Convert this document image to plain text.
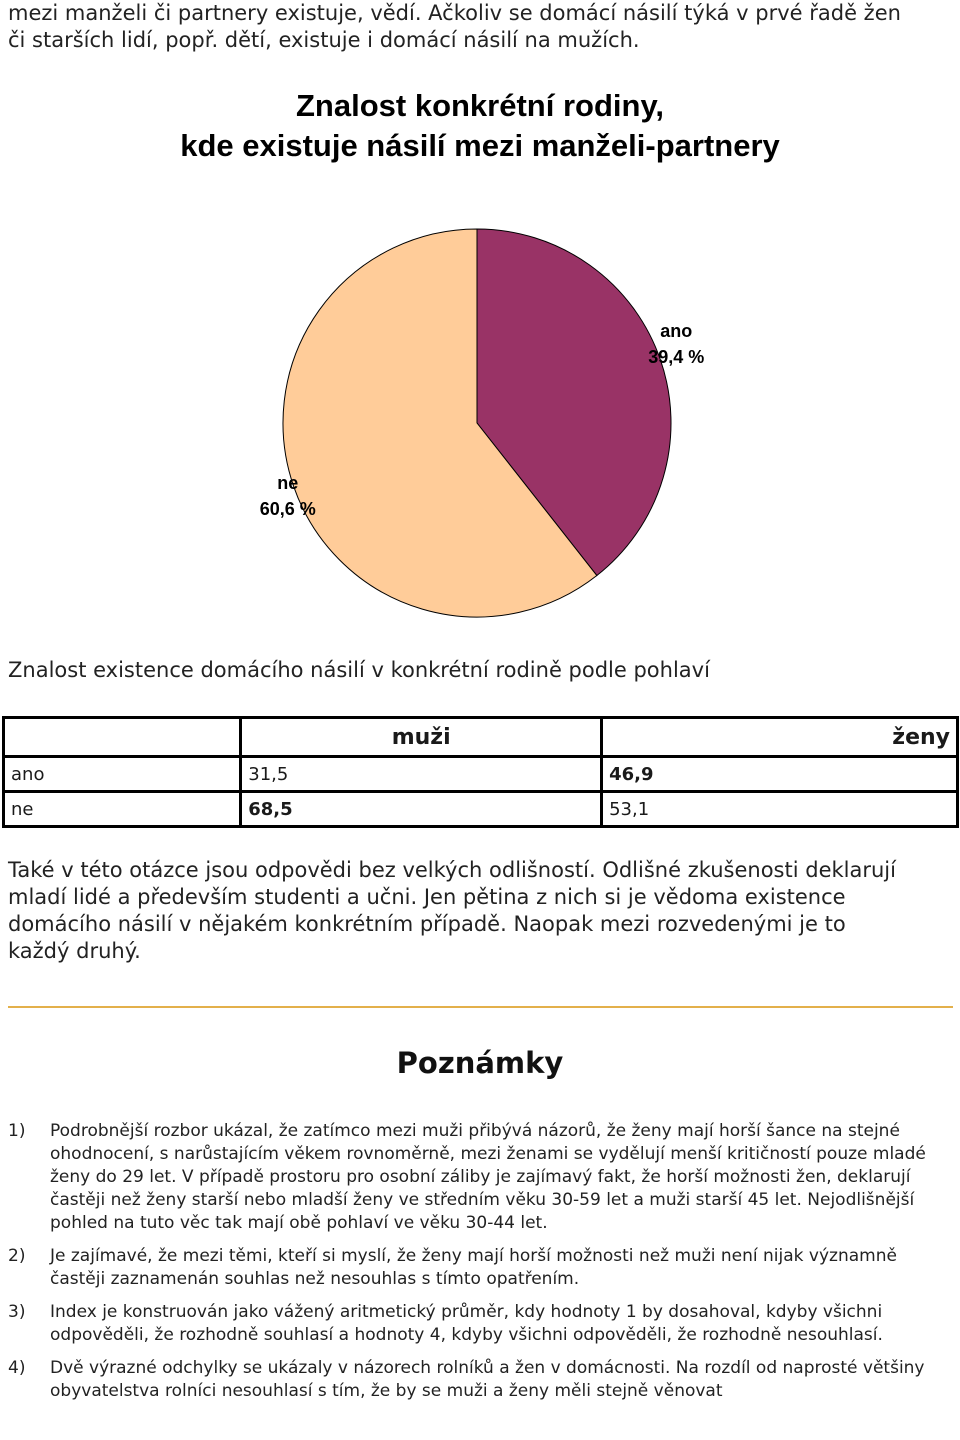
mezi manželi či partnery existuje, vědí. Ačkoliv se domácí násilí týká v prvé řadě žen

či starších lidí, popř. dětí, existuje i domácí násilí na mužích.

ano
39,4 %
ne
60,6 %
Znalost konkrétní rodiny,
kde existuje násilí mezi manželi-partnery
Znalost existence domácího násilí v konkrétní rodině podle pohlaví
	muži	ženy
ano	31,5	46,9
ne	68,5	53,1
Také v této otázce jsou odpovědi bez velkých odlišností. Odlišné zkušenosti deklarují
mladí lidé a především studenti a učni. Jen pětina z nich si je vědoma existence
domácího násilí v nějakém konkrétním případě. Naopak mezi rozvedenými je to
každý druhý.
Poznámky
1) Podrobnější rozbor ukázal, že zatímco mezi muži přibývá názorů, že ženy mají horší šance na stejné ohodnocení, s narůstajícím věkem rovnoměrně, mezi ženami se vydělují menší kritičností pouze mladé ženy do 29 let. V případě prostoru pro osobní záliby je zajímavý fakt, že horší možnosti žen, deklarují častěji než ženy starší nebo mladší ženy ve středním věku 30-59 let a muži starší 45 let. Nejodlišnější pohled na tuto věc tak mají obě pohlaví ve věku 30-44 let.
2) Je zajímavé, že mezi těmi, kteří si myslí, že ženy mají horší možnosti než muži není nijak významně častěji zaznamenán souhlas než nesouhlas s tímto opatřením.
3) Index je konstruován jako vážený aritmetický průměr, kdy hodnoty 1 by dosahoval, kdyby všichni odpověděli, že rozhodně souhlasí a hodnoty 4, kdyby všichni odpověděli, že rozhodně nesouhlasí.
4) Dvě výrazné odchylky se ukázaly v názorech rolníků a žen v domácnosti. Na rozdíl od naprosté většiny obyvatelstva rolníci nesouhlasí s tím, že by se muži a ženy měli stejně věnovat
